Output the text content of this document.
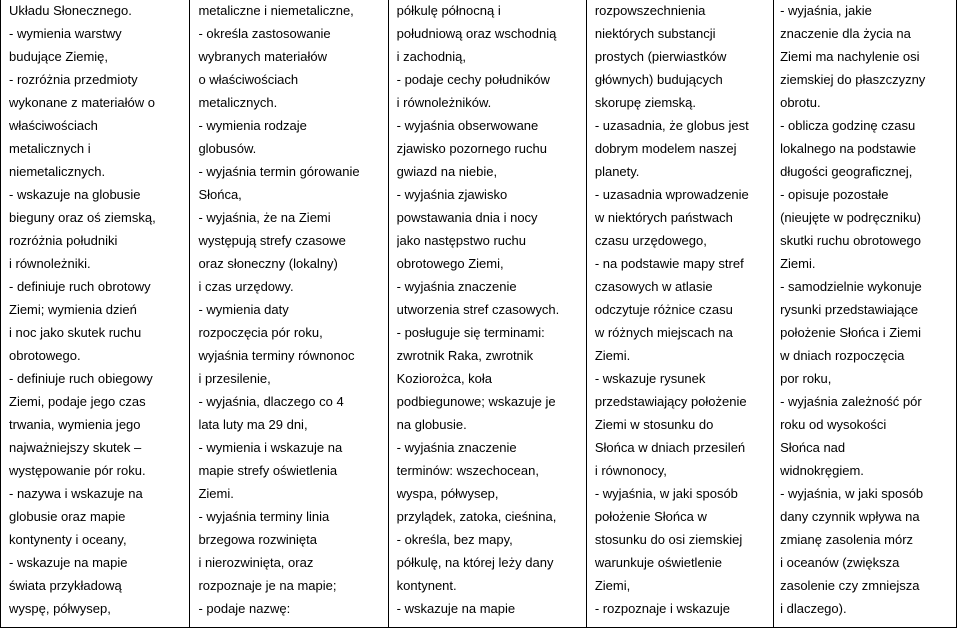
Układu Słonecznego.
- wymienia warstwy
budujące Ziemię,
- rozróżnia przedmioty
wykonane z materiałów o
właściwościach
metalicznych i
niemetalicznych.
- wskazuje na globusie
bieguny oraz oś ziemską,
rozróżnia południki
i równoleżniki.
- definiuje ruch obrotowy
Ziemi; wymienia dzień
i noc jako skutek ruchu
obrotowego.
- definiuje ruch obiegowy
Ziemi, podaje jego czas
trwania, wymienia jego
najważniejszy skutek –
występowanie pór roku.
- nazywa i wskazuje na
globusie oraz mapie
kontynenty i oceany,
- wskazuje na mapie
świata przykładową
wyspę, półwysep,

metaliczne i niemetaliczne,
- określa zastosowanie
wybranych materiałów
o właściwościach
metalicznych.
- wymienia rodzaje
globusów.
- wyjaśnia termin górowanie
Słońca,
- wyjaśnia, że na Ziemi
występują strefy czasowe
oraz słoneczny (lokalny)
i czas urzędowy.
- wymienia daty
rozpoczęcia pór roku,
wyjaśnia terminy równonoc
i przesilenie,
- wyjaśnia, dlaczego co 4
lata luty ma 29 dni,
- wymienia i wskazuje na
mapie strefy oświetlenia
Ziemi.
- wyjaśnia terminy linia
brzegowa rozwinięta
i nierozwinięta, oraz
rozpoznaje je na mapie;
- podaje nazwę:

półkulę północną i
południową oraz wschodnią
i zachodnią,
- podaje cechy południków
i równoleżników.
- wyjaśnia obserwowane
zjawisko pozornego ruchu
gwiazd na niebie,
- wyjaśnia zjawisko
powstawania dnia i nocy
jako następstwo ruchu
obrotowego Ziemi,
- wyjaśnia znaczenie
utworzenia stref czasowych.
- posługuje się terminami:
zwrotnik Raka, zwrotnik
Koziorożca, koła
podbiegunowe; wskazuje je
na globusie.
- wyjaśnia znaczenie
terminów: wszechocean,
wyspa, półwysep,
przylądek, zatoka, cieśnina,
- określa, bez mapy,
półkulę, na której leży dany
kontynent.
- wskazuje na mapie

rozpowszechnienia
niektórych substancji
prostych (pierwiastków
głównych) budujących
skorupę ziemską.
- uzasadnia, że globus jest
dobrym modelem naszej
planety.
- uzasadnia wprowadzenie
w niektórych państwach
czasu urzędowego,
- na podstawie mapy stref
czasowych w atlasie
odczytuje różnice czasu
w różnych miejscach na
Ziemi.
- wskazuje rysunek
przedstawiający położenie
Ziemi w stosunku do
Słońca w dniach przesileń
i równonocy,
- wyjaśnia, w jaki sposób
położenie Słońca w
stosunku do osi ziemskiej
warunkuje oświetlenie
Ziemi,
- rozpoznaje i wskazuje

- wyjaśnia, jakie
znaczenie dla życia na
Ziemi ma nachylenie osi
ziemskiej do płaszczyzny
obrotu.
- oblicza godzinę czasu
lokalnego na podstawie
długości geograficznej,
- opisuje pozostałe
(nieujęte w podręczniku)
skutki ruchu obrotowego
Ziemi.
- samodzielnie wykonuje
rysunki przedstawiające
położenie Słońca i Ziemi
w dniach rozpoczęcia
por roku,
- wyjaśnia zależność pór
roku od wysokości
Słońca nad
widnokręgiem.
- wyjaśnia, w jaki sposób
dany czynnik wpływa na
zmianę zasolenia mórz
i oceanów (zwiększa
zasolenie czy zmniejsza
i dlaczego).
